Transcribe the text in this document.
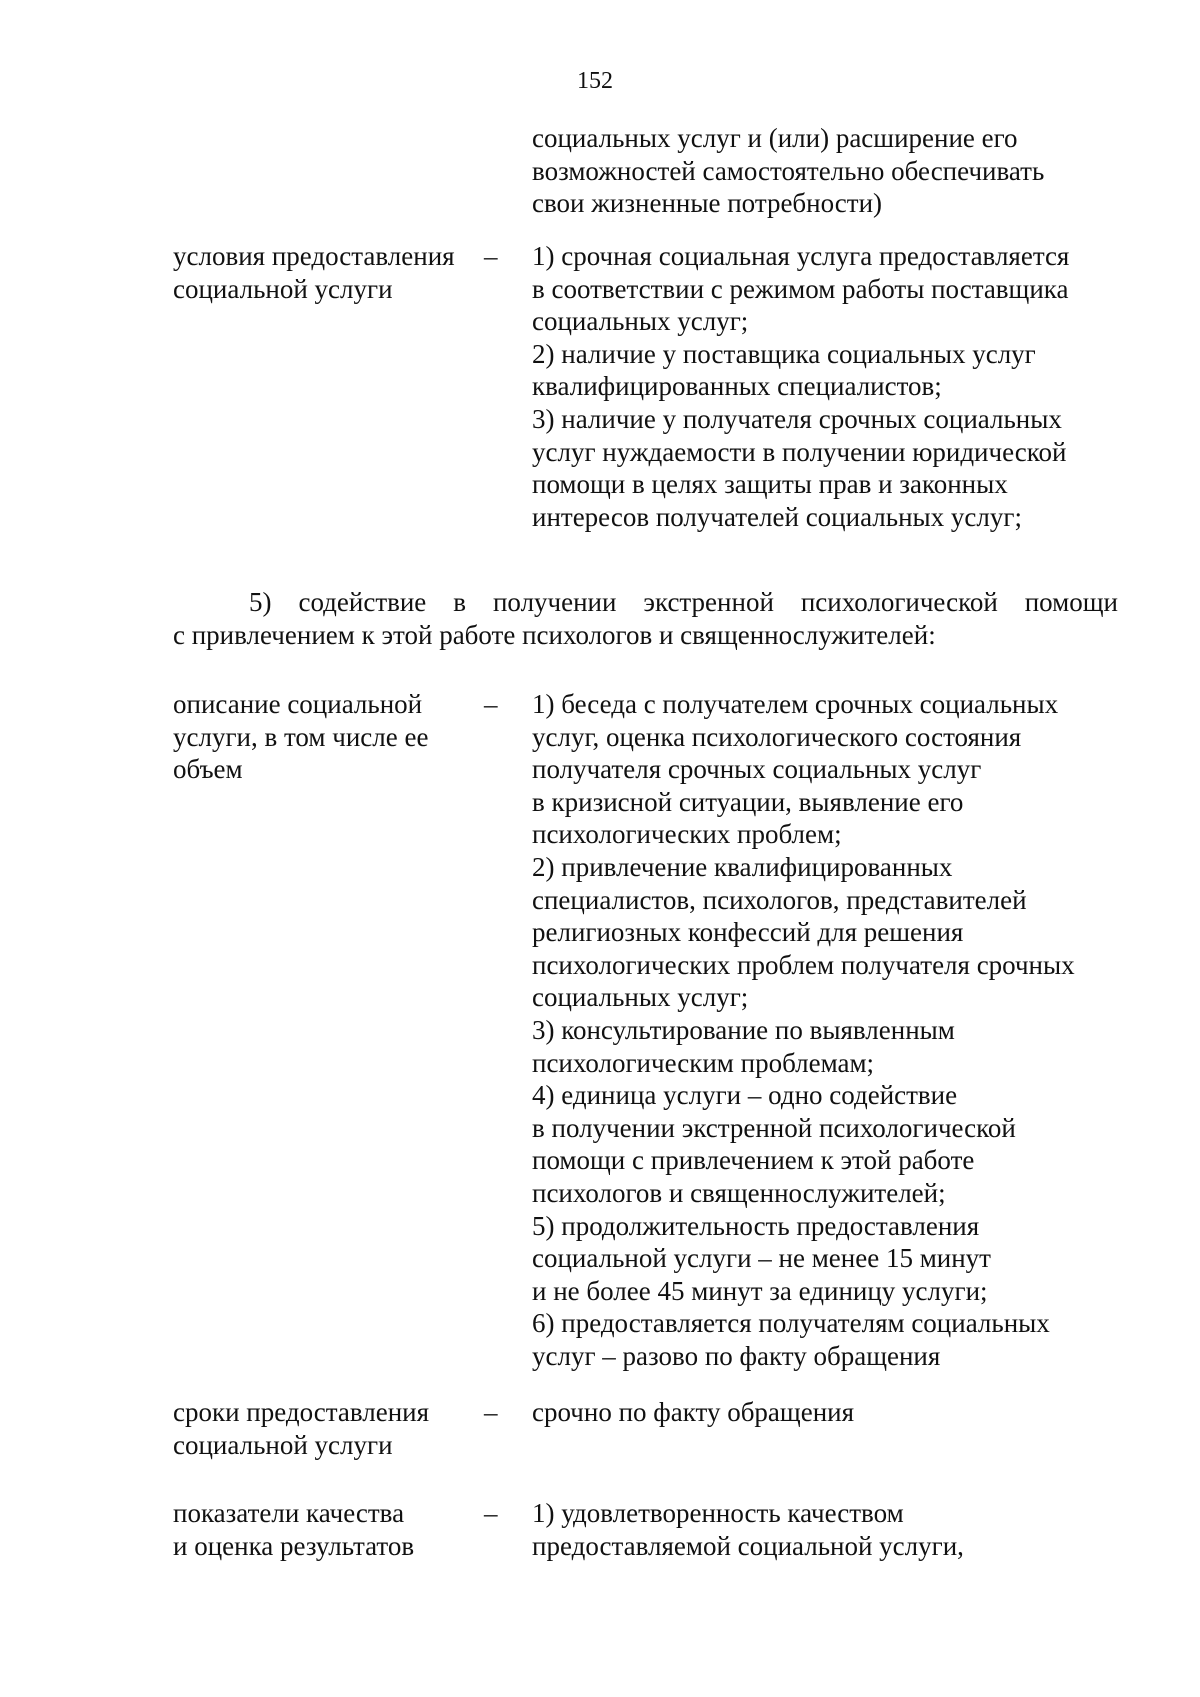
152
социальных услуг и (или) расширение его
возможностей самостоятельно обеспечивать
свои жизненные потребности)
условия предоставления
социальной услуги
– 1) срочная социальная услуга предоставляется
в соответствии с режимом работы поставщика
социальных услуг;
2) наличие у поставщика социальных услуг
квалифицированных специалистов;
3) наличие у получателя срочных социальных
услуг нуждаемости в получении юридической
помощи в целях защиты прав и законных
интересов получателей социальных услуг;
5) содействие в получении экстренной психологической помощи
с привлечением к этой работе психологов и священнослужителей:
описание социальной
услуги, в том числе ее
объем
– 1) беседа с получателем срочных социальных
услуг, оценка психологического состояния
получателя срочных социальных услуг
в кризисной ситуации, выявление его
психологических проблем;
2) привлечение квалифицированных
специалистов, психологов, представителей
религиозных конфессий для решения
психологических проблем получателя срочных
социальных услуг;
3) консультирование по выявленным
психологическим проблемам;
4) единица услуги – одно содействие
в получении экстренной психологической
помощи с привлечением к этой работе
психологов и священнослужителей;
5) продолжительность предоставления
социальной услуги – не менее 15 минут
и не более 45 минут за единицу услуги;
6) предоставляется получателям социальных
услуг – разово по факту обращения
сроки предоставления
социальной услуги
– срочно по факту обращения
показатели качества
и оценка результатов
– 1) удовлетворенность качеством
предоставляемой социальной услуги,
